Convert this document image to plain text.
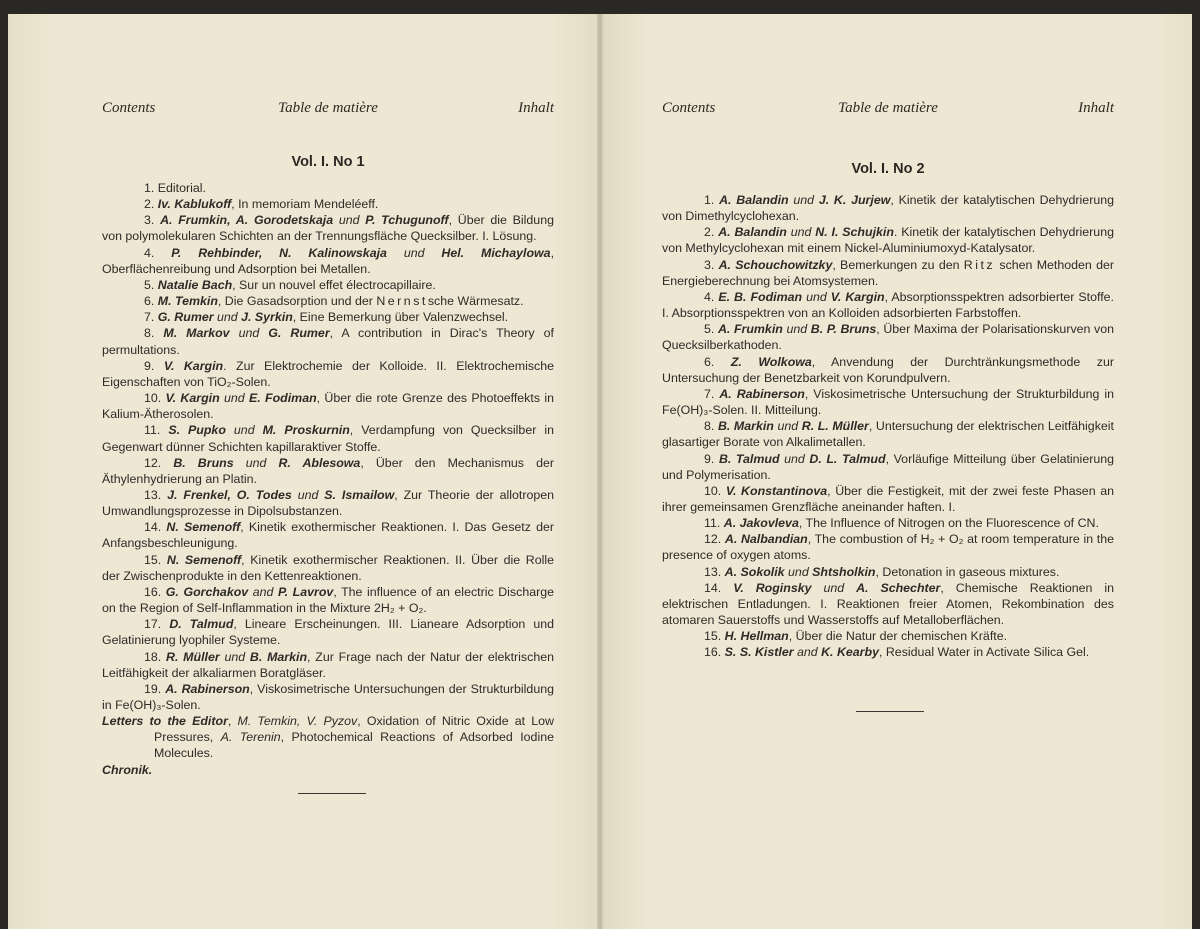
Contents	Table de matière	Inhalt	Contents	Table de matière	Inhalt
Vol. I. No 1	Vol. I. No 2

1. Editorial.

2. Iv. Kablukoff, In memoriam Mendeléeff.

3. A. Frumkin, A. Gorodetskaja und P. Tchugunoff, Über die Bildung von polymolekularen Schichten an der Trennungsfläche Quecksilber. I. Lösung.

4. P. Rehbinder, N. Kalinowskaja und Hel. Michaylowa, Oberflächenreibung und Adsorption bei Metallen.

5. Natalie Bach, Sur un nouvel effet électrocapillaire.

6. M. Temkin, Die Gasadsorption und der Nernstsche Wärmesatz.

7. G. Rumer und J. Syrkin, Eine Bemerkung über Valenzwechsel.

8. M. Markov und G. Rumer, A contribution in Dirac's Theory of permultations.

9. V. Kargin. Zur Elektrochemie der Kolloide. II. Elektrochemische Eigenschaften von TiO₂-Solen.

10. V. Kargin und E. Fodiman, Über die rote Grenze des Photoeffekts in Kalium-Ätherosolen.

11. S. Pupko und M. Proskurnin, Verdampfung von Quecksilber in Gegenwart dünner Schichten kapillaraktiver Stoffe.

12. B. Bruns und R. Ablesowa, Über den Mechanismus der Äthylenhydrierung an Platin.

13. J. Frenkel, O. Todes und S. Ismailow, Zur Theorie der allotropen Umwandlungsprozesse in Dipolsubstanzen.

14. N. Semenoff, Kinetik exothermischer Reaktionen. I. Das Gesetz der Anfangsbeschleunigung.

15. N. Semenoff, Kinetik exothermischer Reaktionen. II. Über die Rolle der Zwischenprodukte in den Kettenreaktionen.

16. G. Gorchakov and P. Lavrov, The influence of an electric Discharge on the Region of Self-Inflammation in the Mixture 2H₂ + O₂.

17. D. Talmud, Lineare Erscheinungen. III. Lianeare Adsorption und Gelatinierung lyophiler Systeme.

18. R. Müller und B. Markin, Zur Frage nach der Natur der elektrischen Leitfähigkeit der alkaliarmen Boratgläser.

19. A. Rabinerson, Viskosimetrische Untersuchungen der Strukturbildung in Fe(OH)₃-Solen.

Letters to the Editor, M. Temkin, V. Pyzov, Oxidation of Nitric Oxide at Low Pressures, A. Terenin, Photochemical Reactions of Adsorbed Iodine Molecules.

Chronik.

1. A. Balandin und J. K. Jurjew, Kinetik der katalytischen Dehydrierung von Dimethylcyclohexan.

2. A. Balandin und N. I. Schujkin. Kinetik der katalytischen Dehydrierung von Methylcyclohexan mit einem Nickel-Aluminiumoxyd-Katalysator.

3. A. Schouchowitzky, Bemerkungen zu den Ritz schen Methoden der Energieberechnung bei Atomsystemen.

4. E. B. Fodiman und V. Kargin, Absorptionsspektren adsorbierter Stoffe. I. Absorptionsspektren von an Kolloiden adsorbierten Farbstoffen.

5. A. Frumkin und B. P. Bruns, Über Maxima der Polarisationskurven von Quecksilberkathoden.

6. Z. Wolkowa, Anvendung der Durchtränkungsmethode zur Untersuchung der Benetzbarkeit von Korundpulvern.

7. A. Rabinerson, Viskosimetrische Untersuchung der Strukturbildung in Fe(OH)₃-Solen. II. Mitteilung.

8. B. Markin und R. L. Müller, Untersuchung der elektrischen Leitfähigkeit glasartiger Borate von Alkalimetallen.

9. B. Talmud und D. L. Talmud, Vorläufige Mitteilung über Gelatinierung und Polymerisation.

10. V. Konstantinova, Über die Festigkeit, mit der zwei feste Phasen an ihrer gemeinsamen Grenzfläche aneinander haften. I.

11. A. Jakovleva, The Influence of Nitrogen on the Fluorescence of CN.

12. A. Nalbandian, The combustion of H₂ + O₂ at room temperature in the presence of oxygen atoms.

13. A. Sokolik und Shtsholkin, Detonation in gaseous mixtures.

14. V. Roginsky und A. Schechter, Chemische Reaktionen in elektrischen Entladungen. I. Reaktionen freier Atomen, Rekombination des atomaren Sauerstoffs und Wasserstoffs auf Metalloberflächen.

15. H. Hellman, Über die Natur der chemischen Kräfte.

16. S. S. Kistler and K. Kearby, Residual Water in Activate Silica Gel.
